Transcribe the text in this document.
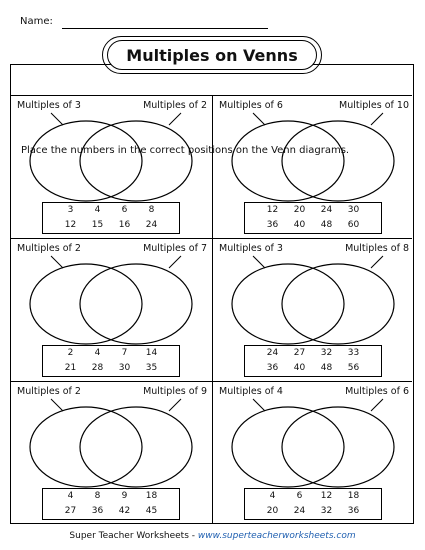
Name:
Multiples on Venns
Place the numbers in the correct positions on the Venn diagrams.
Multiples of 3	Multiples of 2
3	4	6	8
12	15	16	24
Multiples of 6	Multiples of 10
12	20	24	30
36	40	48	60
Multiples of 2	Multiples of 7
2	4	7	14
21	28	30	35
Multiples of 3	Multiples of 8
24	27	32	33
36	40	48	56
Multiples of 2	Multiples of 9
4	8	9	18
27	36	42	45
Multiples of 4	Multiples of 6
4	6	12	18
20	24	32	36
Super Teacher Worksheets - www.superteacherworksheets.com
